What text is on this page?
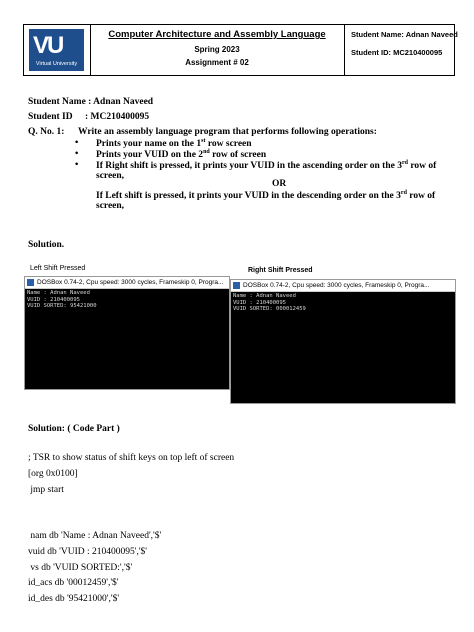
VU
Virtual University
Computer Architecture and Assembly Language
Spring 2023
Assignment # 02
Student Name: Adnan Naveed
Student ID: MC210400095
Student Name : Adnan Naveed
Student ID : MC210400095
Q. No. 1: Write an assembly language program that performs following operations:
• Prints your name on the 1st row screen
• Prints your VUID on the 2nd row of screen
• If Right shift is pressed, it prints your VUID in the ascending order on the 3rd row of
screen,
OR
If Left shift is pressed, it prints your VUID in the descending order on the 3rd row of
screen,
Solution.
Left Shift Pressed
DOSBox 0.74-2, Cpu speed: 3000 cycles, Frameskip 0, Progra...
Name : Adnan Naveed
VUID : 210400095
VUID SORTED: 95421000
Right Shift Pressed
DOSBox 0.74-2, Cpu speed: 3000 cycles, Frameskip 0, Progra...
Name : Adnan Naveed
VUID : 210400095
VUID SORTED: 000012459
Solution: ( Code Part )
; TSR to show status of shift keys on top left of screen
[org 0x0100]
jmp start
nam db 'Name : Adnan Naveed','$'
vuid db 'VUID : 210400095','$'
vs db 'VUID SORTED:','$'
id_acs db '00012459','$'
id_des db '95421000','$'
